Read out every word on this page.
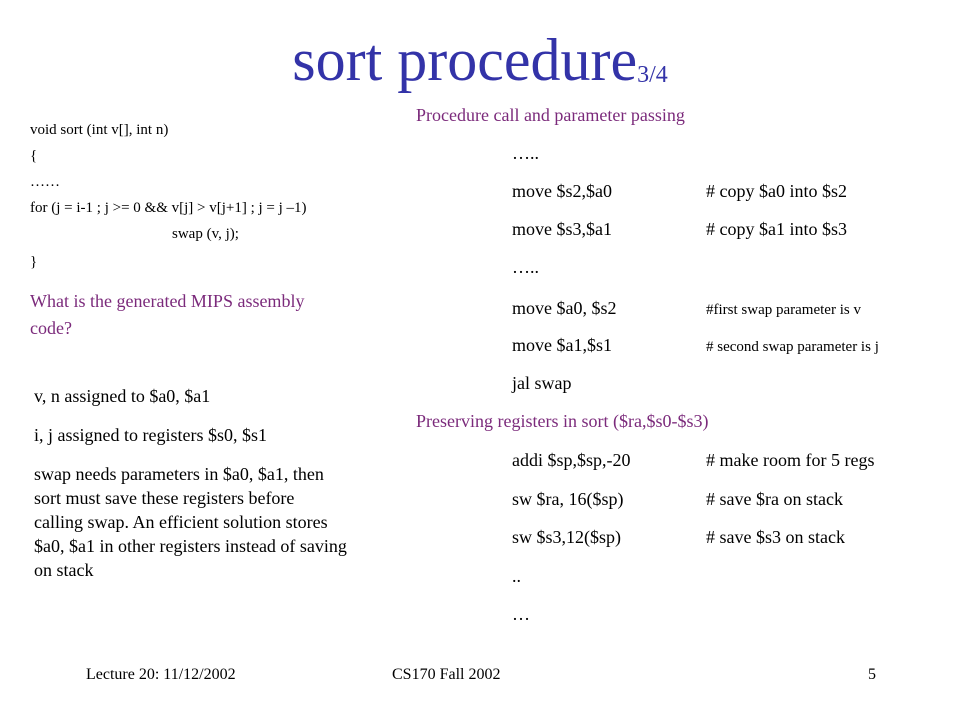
sort procedure3/4
void sort (int v[], int n)
{
……
for (j = i-1 ; j >= 0 && v[j] > v[j+1] ; j = j –1)
swap (v, j);
}
What is the generated MIPS assembly
code?
v, n assigned to $a0, $a1
i, j assigned to registers $s0, $s1
swap needs parameters in $a0, $a1, then
sort must save these registers before
calling swap. An efficient solution stores
$a0, $a1 in other registers instead of saving
on stack
Procedure call and parameter passing
…..
move $s2,$a0	# copy $a0 into $s2
move $s3,$a1	# copy $a1 into $s3
…..
move $a0, $s2	#first swap parameter is v
move $a1,$s1	# second swap parameter is j
jal swap
Preserving registers in sort ($ra,$s0-$s3)
addi $sp,$sp,-20	# make room for 5 regs
sw $ra, 16($sp)	# save $ra on stack
sw $s3,12($sp)	# save $s3 on stack
..
…
Lecture 20: 11/12/2002	CS170 Fall 2002	5
